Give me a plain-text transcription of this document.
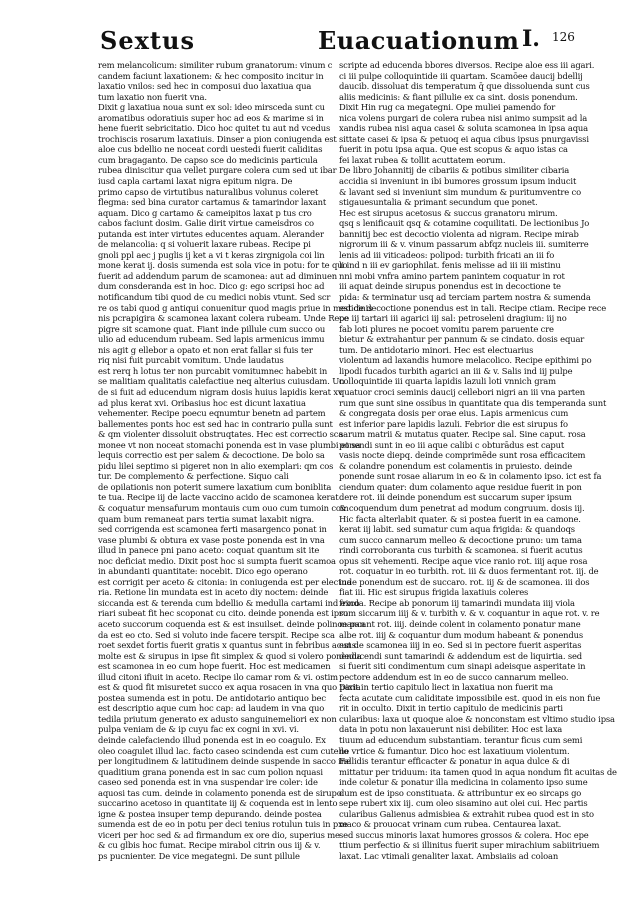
Sextus	Euacuationum I. 126
rem melancolicum: similiter rubum granatorum: vinum c
candem faciunt laxationem: & hec composito incitur in
laxatio vnilos: sed hec in composui duo laxatiua qua
tum laxatio non fuerit vna.
Dixit g laxatiua noua sunt ex sol: ideo mirsceda sunt cu
aromatibus odoratiuis super hoc ad eos & marime si in
hene fuerit sebricitatio. Dico hoc quitet tu aut nd vcedus
trochiscis rosarum laxatiuis. Dinser a pion coniugenda est
aloe cus bdellio ne noceat cordi uestedi fuerit caliditas
cum bragaganto. De capso sce do medicinis particula
rubea diniscitur qua vellet purgare colera cum sed ut ibar
iusd capla cartami laxat nigra epitum nigra. De
primo capso de virtutibus naturalibus volunus coleret
flegma: sed bina curator cartamus & tamarindor laxant
aquam. Dico g cartamo & cameipitos laxat p tus cro
cabos faciunt dosim. Galie dirit virtue cameisdros co
putanda est inter virtutes educentes aquam. Alerander
de melancolia: q si voluerit laxare rubeas. Recipe pi
gnoli ppl aec j puglis ij ket a vi t keras zirgnigola coi lin
mone kerat ij. dosis sumenda est sola vice in potu: for te quo
fuerit ad addendum parum de scamonea: aut ad diminuen
dum consderanda est in hoc. Dico g: ego scripsi hoc ad
notificandum tibi quod de cu medici nobis vtunt. Sed scr
re os tabi quod g antiqui conuenitur quod magis priue in medicinis
nis pcrapigira & scamonea laxant colera rubeam. Unde Rece
pigre sit scamone quat. Fiant inde pillule cum succo ou
ulio ad educendum rubeam. Sed lapis armenicus immu
nis agit g ellebor a opato et non erat fallar si fuis ter
riq nisi fuit purcabit vomitum. Unde laudatus
est rerq h lotus ter non purcabit vomitumnec habebit in
se malitiam qualitatis calefactiue neq alterius cuiusdam. Un
de si fuit ad educendum nigram dosis huius lapidis kerat xv
ad plus kerat xvi. Oribasius hoc est dicunt laxatiua
vehementer. Recipe poecu eqnumtur benetn ad partem
ballementes ponts hoc est sed hac in contrario pulla sunt
& qm violenter dissoluit obstruqtates. Hec est correctio sca
monee vt non noceat stomachi ponenda est in vase plumbi et sa
lequis correctio est per salem & decoctione. De bolo sa
pidu lilei septimo si pigeret non in alio exemplari: qm cos
tur. De complemento & perfectione. Siquo cali
de opilationis non poterit sumere laxatium cum boniblita
te tua. Recipe iij de lacte vaccino acido de scamonea kerat
& coquatur mensafurum montauis cum ouo cum tumoin com
quam bum remaneat pars tertia sumat laxabit nigra.
sed corrigenda est scamonea ferti masargenco ponat in
vase plumbi & obtura ex vase poste ponenda est in vna
illud in panece pni pano aceto: coquat quantum sit ite
noc deficiat medio. Dixit post hoc si sumpta fuerit scamoa
in abundanti quantitate: nocebit. Dico ego operano
est corrigit per aceto & citonia: in coniugenda est per electua
ria. Retione lin mundata est in aceto diy noctem: deinde
siccanda est & terenda cum bdellio & medulla cartami ind exco
riari subeat fit hec scoponat cu cito. deinde ponenda est ipso
aceto succorum coquenda est & est insuilset. deinde polinoe pan
da est eo cto. Sed si voluto inde facere terspit. Recipe sca
roet sexdet fortis fuerit gratis x quantus sunt in febribus acuns
molte est & sirupus in ipse fit simplex & quod si volero ponenda
est scamonea in eo cum hope fuerit. Hoc est medicamen
illud citoni ifiuit in aceto. Recipe ilo camar rom & vi. ostim
est & quod fit misuretet succo ex aqua rosacen in vna quo paria
postea sumenda est in potu. De antidotario antiquo bec
est descriptio aque cum hoc cap: ad laudem in vna quo
tedila priutum generato ex adusto sanguinemeliori ex non
pulpa veniam de & ip cuyu fac ex cogni in xvi. vi.
deinde calefaciendo illud ponenda est in eo coagulo. Ex
oleo coagulet illud lac. facto caseo scindenda est cum cutello
per longitudinem & latitudinem deinde suspende in sacco ine
quaditium grana ponenda est in sac cum polion nquasi
caseo sed ponenda est in vna suspendar ire coler: ide
aquosi tas cum. deinde in colamento ponenda est de sirupo
succarino acetoso in quantitate iij & coquenda est in lento
igne & postea insuper temp depurando. deinde postea
sumenda est de eo in potu per deci tenius rotulun tuis in pxe
viceri per hoc sed & ad firmandum ex ore dio, superius me
& cu glbis hoc fumat. Recipe mirabol citrin ous iij & v.
ps pucnienter. De vice megategni. De sunt pillule
scripte ad educenda bbores diversos. Recipe aloe ess iii agari.
ci iii pulpe colloquintide iii quartam. Scamōee daucij bdellij
daucib. dissoluat dis temperatum q̄ que dissoluenda sunt cus
aliis medicinis: & fiant pillulie ex ca sint. dosis ponendum.
Dixit Hin rug ca megategni. Ope muliei pamendo for
nica volens purgari de colera rubea nisi animo sumpsit ad la
xandis rubea nisi aqua casei & soluta scamonea in ipsa aqua
sittate casei & ipsa & petuoq ei aqua cibus ipsus pnurgavissi
fuerit in potu ipsa aqua. Que est scopus & aquo istas ca
fei laxat rubea & tollit acuttatem eorum.
De libro Johannitij de cibariis & potibus similiter cibaria
accidia si inveniunt in ibi bumores grossum ipsum inducit
& lavant sed si inveniunt sim mundum & puritumventre co
stigauesuntalia & primant secundum que ponet.
Hec est sirupus acetosus & succus granatoru mirum.
qsq s lenificauit qsq & cotamine coquilitati. De lectionibus Jo
bannitij bec est decoctio violenta ad nigram. Recipe mirab
nigrorum iii & v. vinum passarum abfqz nucleis iii. sumiterre
lenis ad iii viticadeos: polipod: turbith fricati an iii fo
li ind n iii ev gariophilat. fenis melisse ad iii iii mistinu
nni mobi vnfra amino partem panintem coquatur in rot
iii aquat deinde sirupus ponendus est in decoctione te
pida: & terminatur usq ad terciam partem nostra & sumenda
est de decoctione ponendus est in tali. Recipe ctiam. Recipe rece
pe iij tartari iii agarici iij sal: petroseleni dragium: iij no
fab loti plures ne pocoet vomitu parem paruente cre
bietur & extrahantur per pannum & se cindato. dosis equar
tum. De antidotario minori. Hec est electuarius
violentum ad laxandis humore melacolico. Recipe epithimi po
lipodi fucados turbith agarici an iii & v. Salis ind iij pulpe
colloquintide iii quarta lapidis lazuli loti vnnich gram
quatuor croci seminis daucij cellebori nigri an iii vna parten
rum que sunt sine ossibus in quantitate qua dis temperanda sunt
& congregata dosis per orae eius. Lapis armenicus cum
est inferior pare lapidis lazuli. Febrior die est sirupus fo
sarum matrii & mutatus quater. Recipe sal. Sine caput. rosa
ponendi sunt in eo iii aque calibi c obturādus est caput
vasis nocte diepq. deinde comprimēde sunt rosa efficacitem
& colandre ponendum est colamentis in pruiesto. deinde
ponende sunt rosae aliarum in eo & in colamento ipso. ict est fa
ciendum quater: dum colamento aque residue fuerit in pon
dere rot. iii deinde ponendum est succarum super ipsum
& coquendum dum penetrat ad modum congruum. dosis iij.
Hic facta alterlabit quater. & si postea fuerit in ea camone.
kerat iij labit. sed sumatur cum aqua frigida: & quandoqs
cum succo cannarum melleo & decoctione pruno: um tama
rindi corroboranta cus turbith & scamonea. si fuerit acutus
opus sit vehementi. Recipe aque vice ranio rot. iiij aque rosa
rot. coquatur in eo turbith. rot. iii & duos fermentant rot. iij. de
inde ponendum est de succaro. rot. iij & de scamonea. iii dos
fiat iii. Hic est sirupus frigida laxatiuis coleres
frinda. Recipe ab ponorum iij tamarindi mundata iiij viola
rum siccarum iiij & v. turbith v. & v. coquantur in aque rot. v. re
mancant rot. iiij. deinde colent in colamento ponatur mane
albe rot. iiij & coquantur dum modum habeant & ponendus
est de scamonea iiij in eo. Sed si in pectore fuerit asperitas
deducendi sunt tamarindi & addendum est de liquirtia. sed
si fuerit siti condimentum cum sinapi adeisque asperitate in
pectore addendum est in eo de succo cannarum melleo.
Dixit in tertio capitulo liect in laxatiua non fuerit ma
fecta acutate cum caliditate impossibile est. quod in eis non fue
rit in occulto. Dixit in tertio capitulo de medicinis parti
cularibus: laxa ut quoque aloe & nonconstam est vltimo studio ipsa
data in potu non laxauerunt nisi debiliter. Hoc est laxa
tiuum ad educendum substantiam. terantur ficus cum semi
ne vrtice & fumantur. Dico hoc est laxatiuum violentum.
Fallidis terantur efficacter & ponatur in aqua dulce & di
mittatur per triduum: ita tamen quod in aqua nondum fit acuitas de
inde coletur & ponatur illa medicina in colamento ipso sume
dum est de ipso constituata. & attribuntur ex eo sircaps go
sepe rubert xix iij. cum oleo sisamino aut olei cui. Hec partis
cularibus Galienus admisbiea & extrahit rubea quod est in sto
maco & prouocat vrinam cum rubea. Centaurea laxat.
sed succus minoris laxat humores grossos & colera. Hoc epe
ttium perfectio & si illinitus fuerit super mirachium sabiitriuem
laxat. Lac vtimali genaliter laxat. Ambsiaiis ad coloan
